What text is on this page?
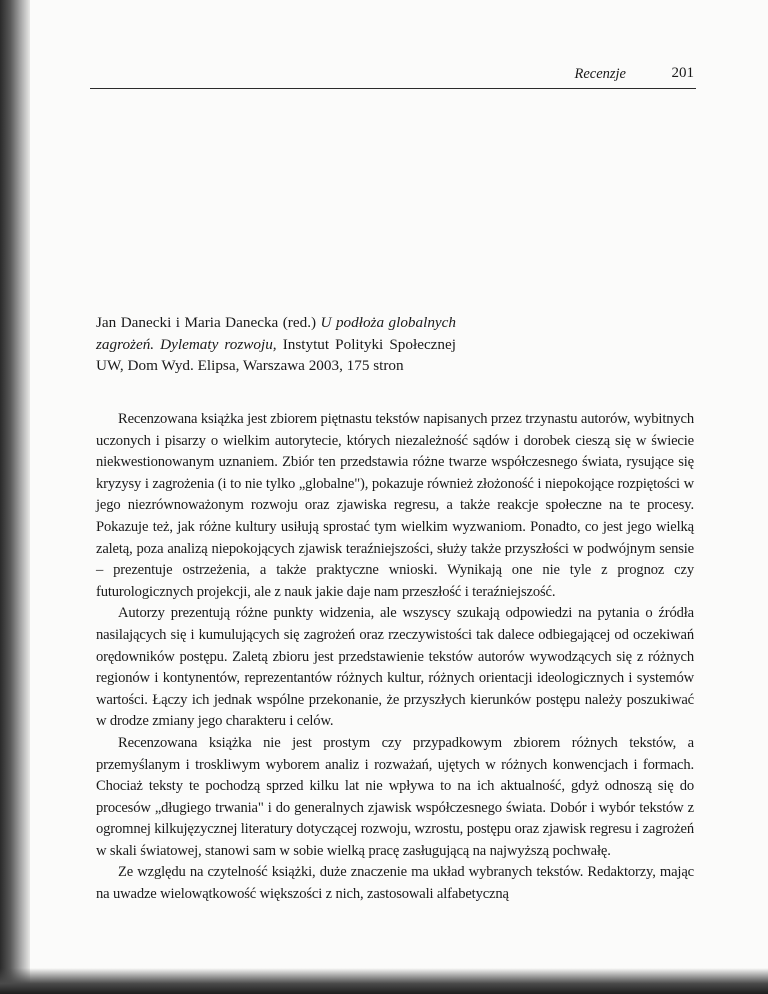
Recenzje	201
Jan Danecki i Maria Danecka (red.) U podłoża globalnych zagrożeń. Dylematy rozwoju, Instytut Polityki Społecznej UW, Dom Wyd. Elipsa, Warszawa 2003, 175 stron

Recenzowana książka jest zbiorem piętnastu tekstów napisanych przez trzynastu autorów, wybitnych uczonych i pisarzy o wielkim autorytecie, których niezależność sądów i dorobek cieszą się w świecie niekwestionowanym uznaniem. Zbiór ten przedstawia różne twarze współczesnego świata, rysujące się kryzysy i zagrożenia (i to nie tylko „globalne"), pokazuje również złożoność i niepokojące rozpiętości w jego niezrównoważonym rozwoju oraz zjawiska regresu, a także reakcje społeczne na te procesy. Pokazuje też, jak różne kultury usiłują sprostać tym wielkim wyzwaniom. Ponadto, co jest jego wielką zaletą, poza analizą niepokojących zjawisk teraźniejszości, służy także przyszłości w podwójnym sensie – prezentuje ostrzeżenia, a także praktyczne wnioski. Wynikają one nie tyle z prognoz czy futurologicznych projekcji, ale z nauk jakie daje nam przeszłość i teraźniejszość.

Autorzy prezentują różne punkty widzenia, ale wszyscy szukają odpowiedzi na pytania o źródła nasilających się i kumulujących się zagrożeń oraz rzeczywistości tak dalece odbiegającej od oczekiwań orędowników postępu. Zaletą zbioru jest przedstawienie tekstów autorów wywodzących się z różnych regionów i kontynentów, reprezentantów różnych kultur, różnych orientacji ideologicznych i systemów wartości. Łączy ich jednak wspólne przekonanie, że przyszłych kierunków postępu należy poszukiwać w drodze zmiany jego charakteru i celów.

Recenzowana książka nie jest prostym czy przypadkowym zbiorem różnych tekstów, a przemyślanym i troskliwym wyborem analiz i rozważań, ujętych w różnych konwencjach i formach. Chociaż teksty te pochodzą sprzed kilku lat nie wpływa to na ich aktualność, gdyż odnoszą się do procesów „długiego trwania" i do generalnych zjawisk współczesnego świata. Dobór i wybór tekstów z ogromnej kilkujęzycznej literatury dotyczącej rozwoju, wzrostu, postępu oraz zjawisk regresu i zagrożeń w skali światowej, stanowi sam w sobie wielką pracę zasługującą na najwyższą pochwałę.

Ze względu na czytelność książki, duże znaczenie ma układ wybranych tekstów. Redaktorzy, mając na uwadze wielowątkowość większości z nich, zastosowali alfabetyczną
